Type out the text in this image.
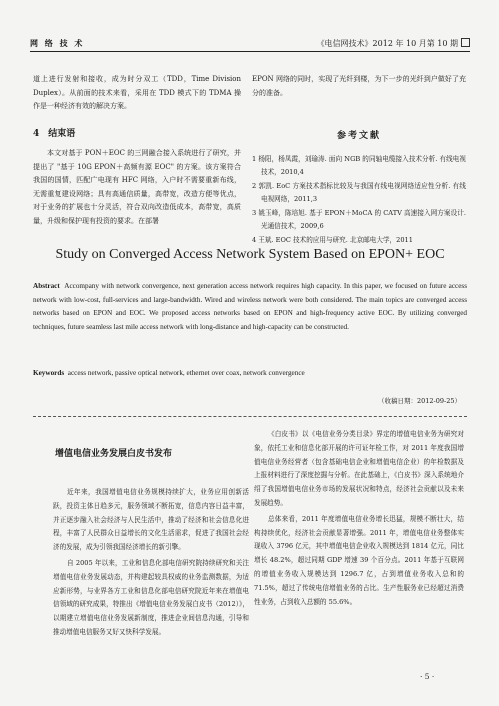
网 络 技 术	《电信网技术》2012 年 10 月第 10 期

道上进行发射和接收，成为时分双工（TDD，Time Division Duplex）。从前面的技术来看，采用在 TDD 模式下的 TDMA 操作是一种经济有效的解决方案。

4　结束语

本文对基于 PON＋EOC 的三网融合接入系统进行了研究，并提出了 "基于 10G EPON＋高频有源 EOC" 的方案。该方案符合我国的国情，匹配广电现有 HFC 网络，入户时不需要重新布线，无需重复建设网络；具有高通信质量，高带宽，改造方便等优点，对于业务的扩展也十分灵活，符合双向改造低成本，高带宽，高质量，升级和保护现有投资的要求。在部署

EPON 网络的同时，实现了光纤到楼，为下一步的光纤到户做好了充分的准备。

参考文献
1 杨阳，杨凤霞，刘瑜涛. 面向 NGB 的同轴电缆接入技术分析. 有线电视技术，2010,4
2 郭凯. EoC 方案技术指标比较及与我国有线电视网络适应性分析. 有线电视网络，2011,3
3 姚玉峰，陈培旭. 基于 EPON＋MoCA 的 CATV 高速接入网方案设计. 光通信技术，2009,6
4 王斌. EOC 技术的应用与研究. 北京邮电大学，2011
Study on Converged Access Network System Based on EPON+ EOC
Abstract Accompany with network convergence, next generation access network requires high capacity. In this paper, we focused on future access network with low-cost, full-services and large-bandwidth. Wired and wireless network were both considered. The main topics are converged access networks based on EPON and EOC. We proposed access networks based on EPON and high-frequency active EOC. By utilizing converged techniques, future seamless last mile access network with long-distance and high-capacity can be constructed.
Keywords access network, passive optical network, ethernet over coax, network convergence
（收稿日期：2012-09-25）
增值电信业务发展白皮书发布

近年来，我国增值电信业务规模持续扩大，业务应用创新活跃，投资主体日趋多元，服务领域不断拓宽，信息内容日益丰富，并正逐步融入社会经济与人民生活中，推动了经济和社会信息化进程，丰富了人民群众日益增长的文化生活需求，促进了我国社会经济的发展，成为引领我国经济增长的新引擎。

自 2005 年以来，工业和信息化部电信研究院持续研究和关注增值电信业务发展动态，并构建起较具权威的业务监测数据，为适应新形势，与业界各方工业和信息化部电信研究院近年来在增值电信领域的研究成果，特推出《增值电信业务发展白皮书（2012）》，以期建立增值电信业务发展新制度，推进企业间信息沟通，引导和推动增值电信服务又好又快科学发展。

《白皮书》以《电信业务分类目录》界定的增值电信业务为研究对象，依托工业和信息化部开展的许可证年检工作，对 2011 年度我国增值电信业务经营者（包含基础电信企业和增值电信企业）的年检数据及上报材料进行了深度挖掘与分析。在此基础上，《白皮书》深入系统地介绍了我国增值电信业务市场的发展状况和特点，经济社会贡献以及未来发展趋势。

总体来看，2011 年度增值电信业务增长迅猛，规模不断壮大，结构持续优化，经济社会贡献显著增强。2011 年，增值电信业务整体实现收入 3796 亿元，其中增值电信企业收入规模达到 1814 亿元，同比增长 48.2%，超过同期 GDP 增速 39 个百分点。2011 年基于互联网的增值业务收入规模达到 1296.7 亿，占到增值业务收入总和的 71.5%，超过了传统电信增值业务的占比。生产性服务业已经超过消费性业务，占到收入总额的 55.6%。

· 5 ·
